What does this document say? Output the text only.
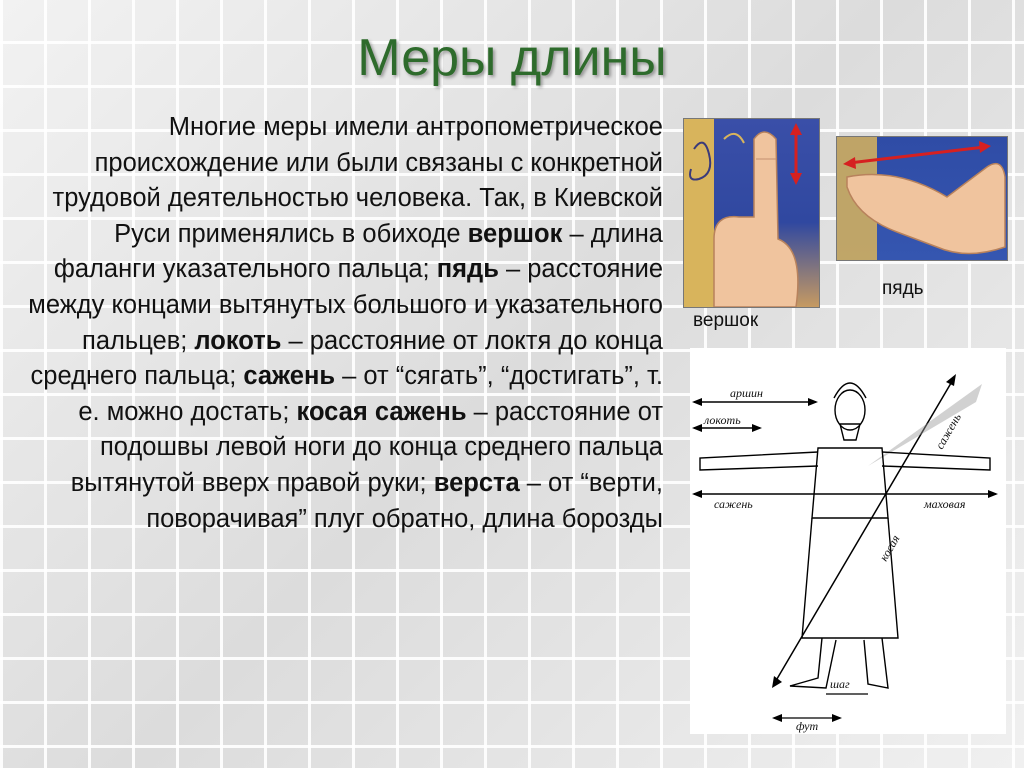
Меры длины
Многие меры имели антропометрическое происхождение или были связаны с конкретной трудовой деятельностью человека. Так, в Киевской Руси применялись в обиходе вершок – длина фаланги указательного пальца; пядь – расстояние между концами вытянутых большого и указательного пальцев; локоть – расстояние от локтя до конца среднего пальца; сажень – от “сягать”, “достигать”, т. е. можно достать; косая сажень – расстояние от подошвы левой ноги до конца среднего пальца вытянутой вверх правой руки; верста – от “верти, поворачивая” плуг обратно, длина борозды
вершок
пядь
аршин
локоть
сажень	маховая
косая
сажень
шаг
фут
